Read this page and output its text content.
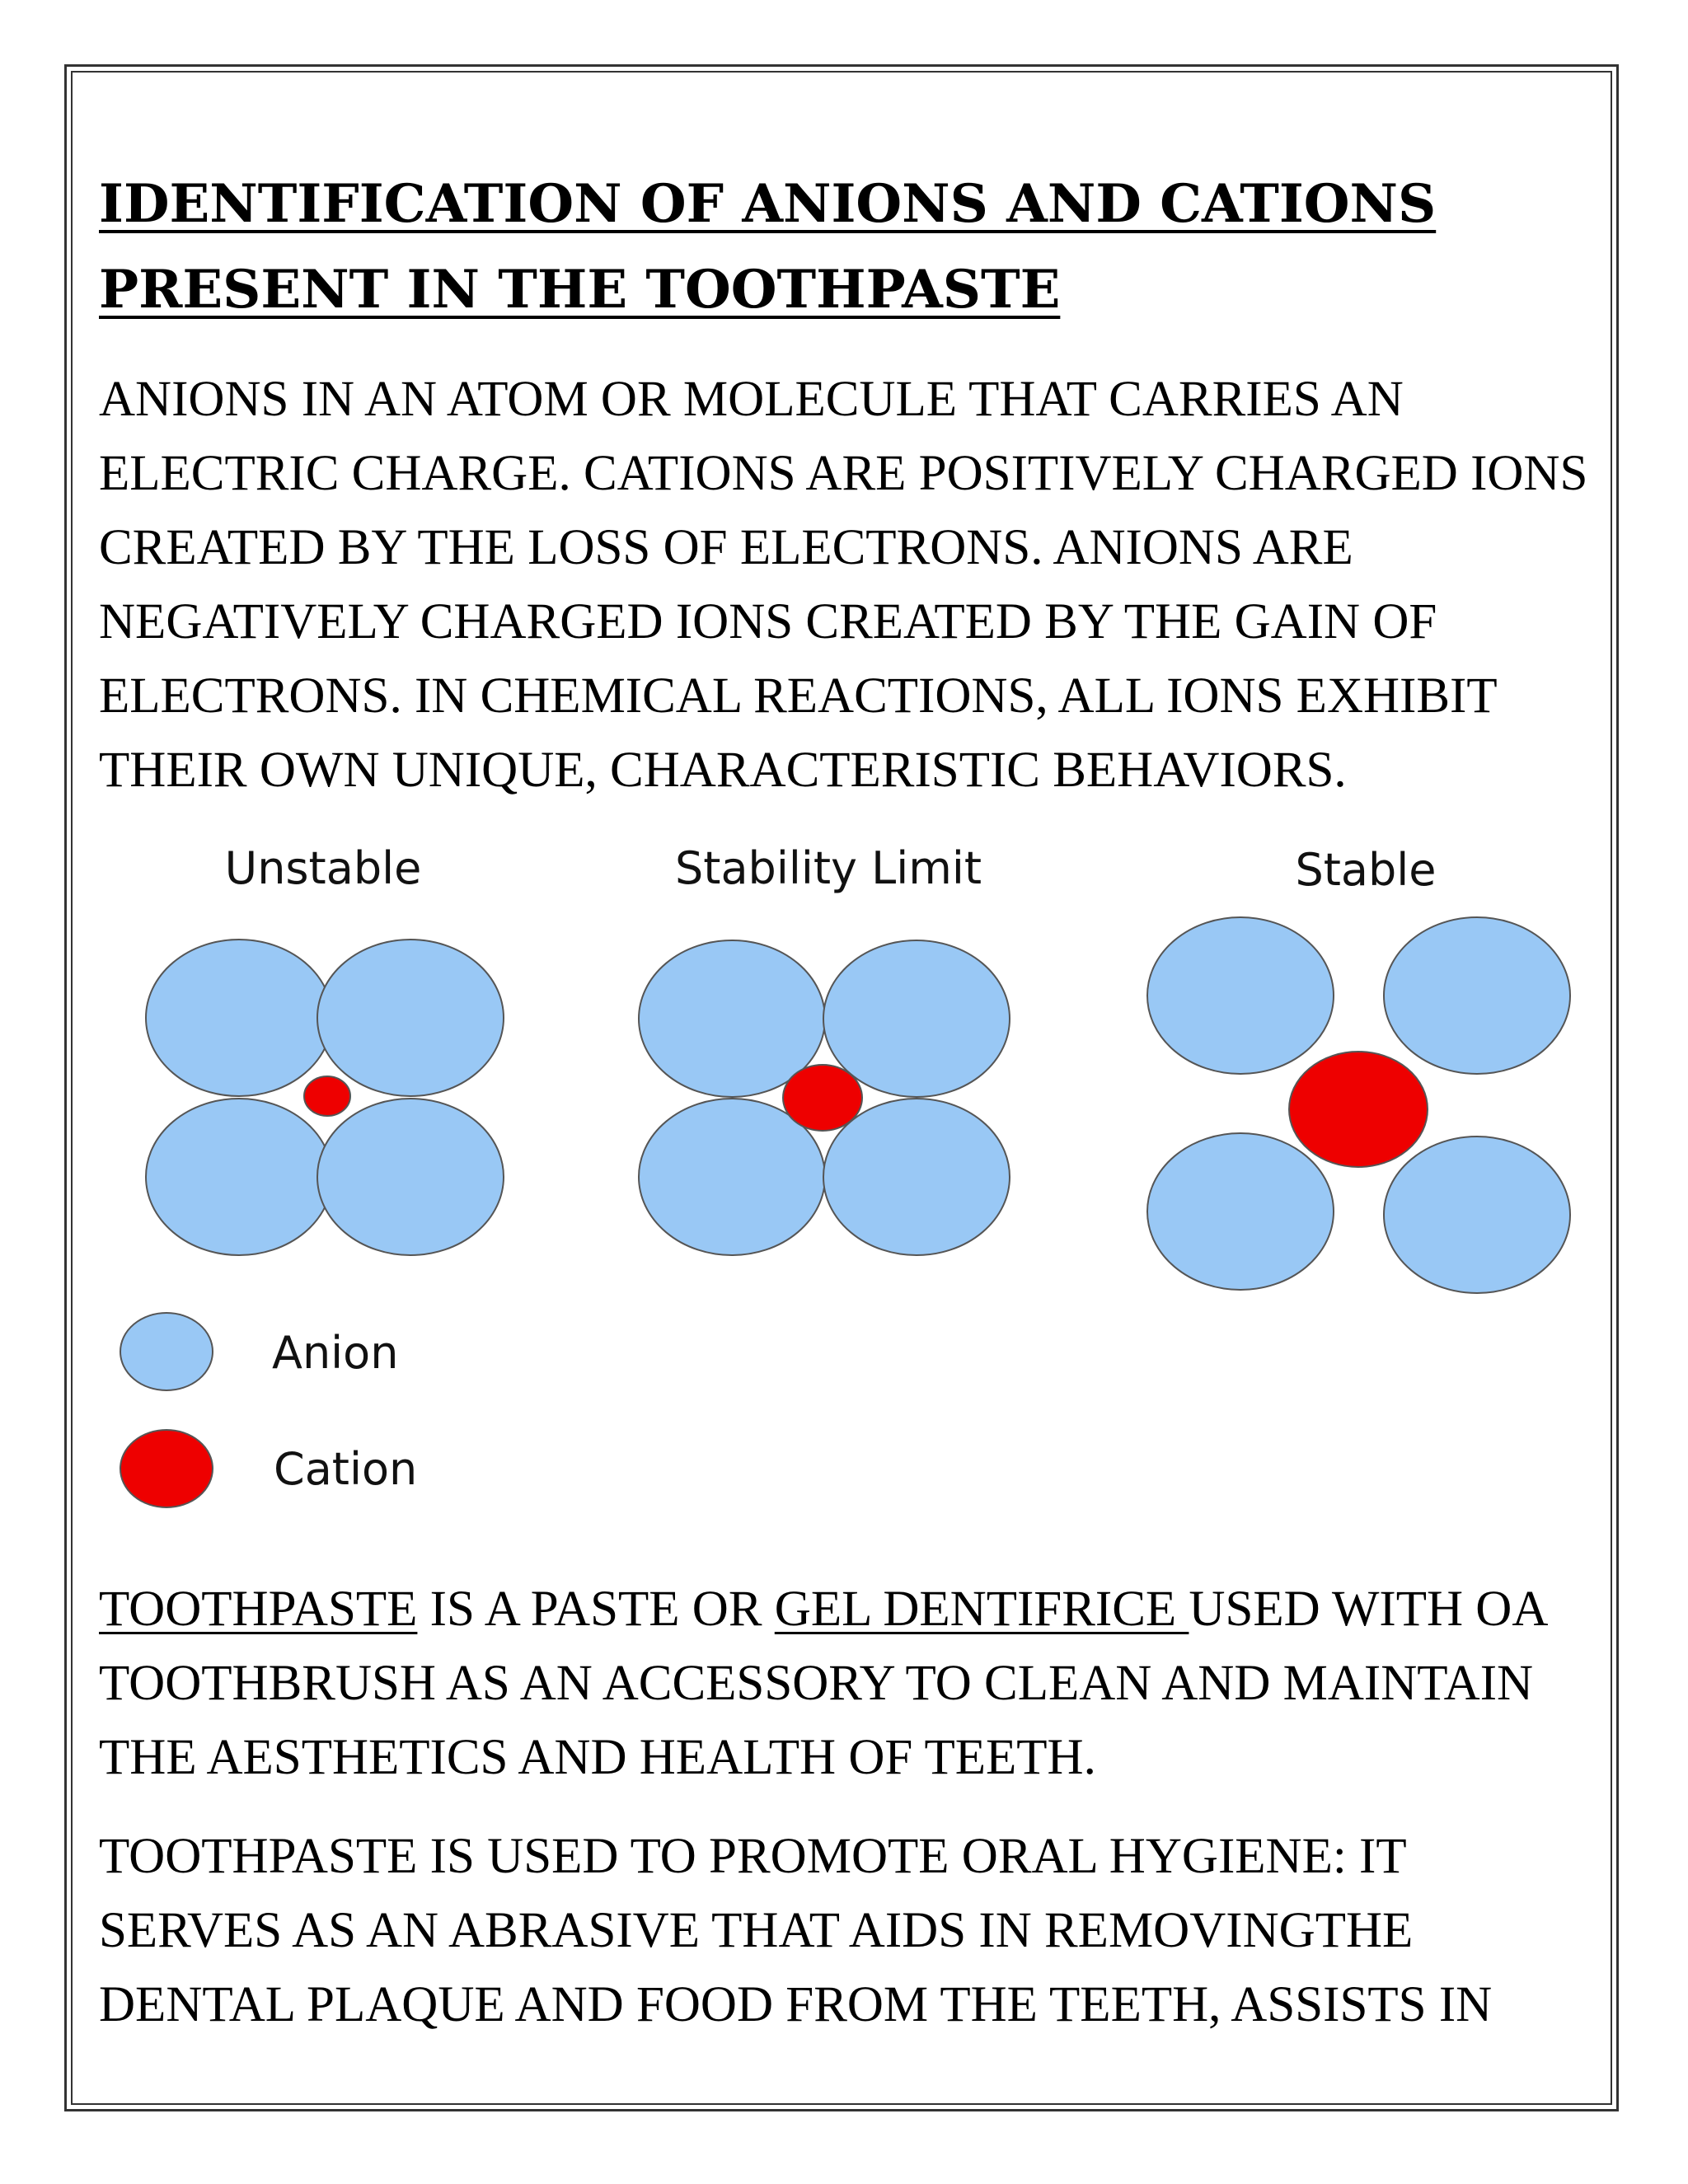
IDENTIFICATION OF ANIONS AND CATIONS
PRESENT IN THE TOOTHPASTE

ANIONS IN AN ATOM OR MOLECULE THAT CARRIES AN
ELECTRIC CHARGE. CATIONS ARE POSITIVELY CHARGED IONS
CREATED BY THE LOSS OF ELECTRONS. ANIONS ARE
NEGATIVELY CHARGED IONS CREATED BY THE GAIN OF
ELECTRONS. IN CHEMICAL REACTIONS, ALL IONS EXHIBIT
THEIR OWN UNIQUE, CHARACTERISTIC BEHAVIORS.

Unstable	Stability Limit	Stable
Anion
Cation

TOOTHPASTE IS A PASTE OR GEL DENTIFRICE USED WITH OA
TOOTHBRUSH AS AN ACCESSORY TO CLEAN AND MAINTAIN
THE AESTHETICS AND HEALTH OF TEETH.

TOOTHPASTE IS USED TO PROMOTE ORAL HYGIENE: IT
SERVES AS AN ABRASIVE THAT AIDS IN REMOVINGTHE
DENTAL PLAQUE AND FOOD FROM THE TEETH, ASSISTS IN
